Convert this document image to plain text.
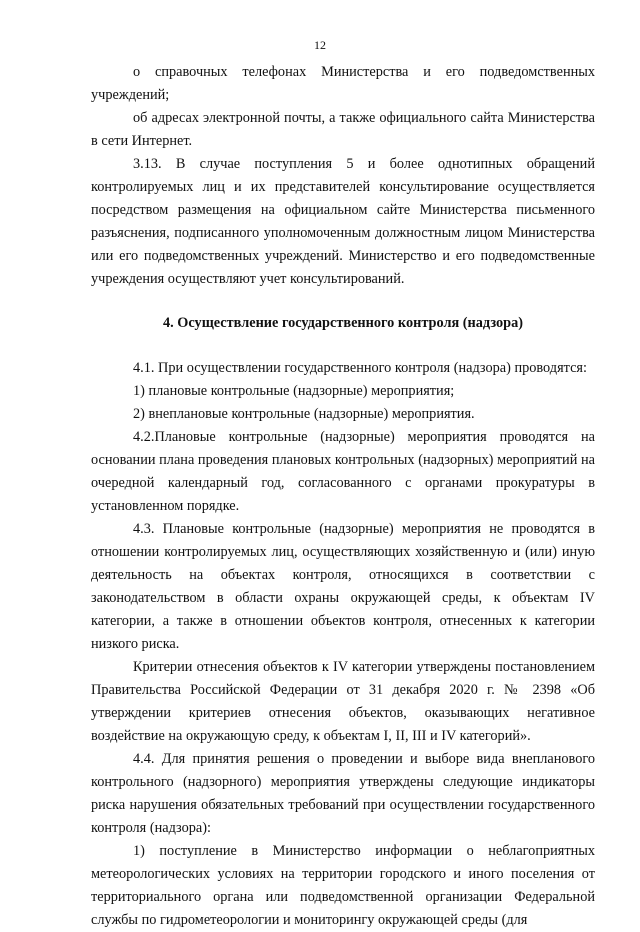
12

о справочных телефонах Министерства и его подведомственных учреждений;

об адресах электронной почты, а также официального сайта Министерства в сети Интернет.

3.13. В случае поступления 5 и более однотипных обращений контролируемых лиц и их представителей консультирование осуществляется посредством размещения на официальном сайте Министерства письменного разъяснения, подписанного уполномоченным должностным лицом Министерства или его подведомственных учреждений. Министерство и его подведомственные учреждения осуществляют учет консультирований.

4. Осуществление государственного контроля (надзора)

4.1. При осуществлении государственного контроля (надзора) проводятся:

1) плановые контрольные (надзорные) мероприятия;

2) внеплановые контрольные (надзорные) мероприятия.

4.2.Плановые контрольные (надзорные) мероприятия проводятся на основании плана проведения плановых контрольных (надзорных) мероприятий на очередной календарный год, согласованного с органами прокуратуры в установленном порядке.

4.3. Плановые контрольные (надзорные) мероприятия не проводятся в отношении контролируемых лиц, осуществляющих хозяйственную и (или) иную деятельность на объектах контроля, относящихся в соответствии с законодательством в области охраны окружающей среды, к объектам IV категории, а также в отношении объектов контроля, отнесенных к категории низкого риска.

Критерии отнесения объектов к IV категории утверждены постановлением Правительства Российской Федерации от 31 декабря 2020 г. № 2398 «Об утверждении критериев отнесения объектов, оказывающих негативное воздействие на окружающую среду, к объектам I, II, III и IV категорий».

4.4. Для принятия решения о проведении и выборе вида внепланового контрольного (надзорного) мероприятия утверждены следующие индикаторы риска нарушения обязательных требований при осуществлении государственного контроля (надзора):

1) поступление в Министерство информации о неблагоприятных метеорологических условиях на территории городского и иного поселения от территориального органа или подведомственной организации Федеральной службы по гидрометеорологии и мониторингу окружающей среды (для
